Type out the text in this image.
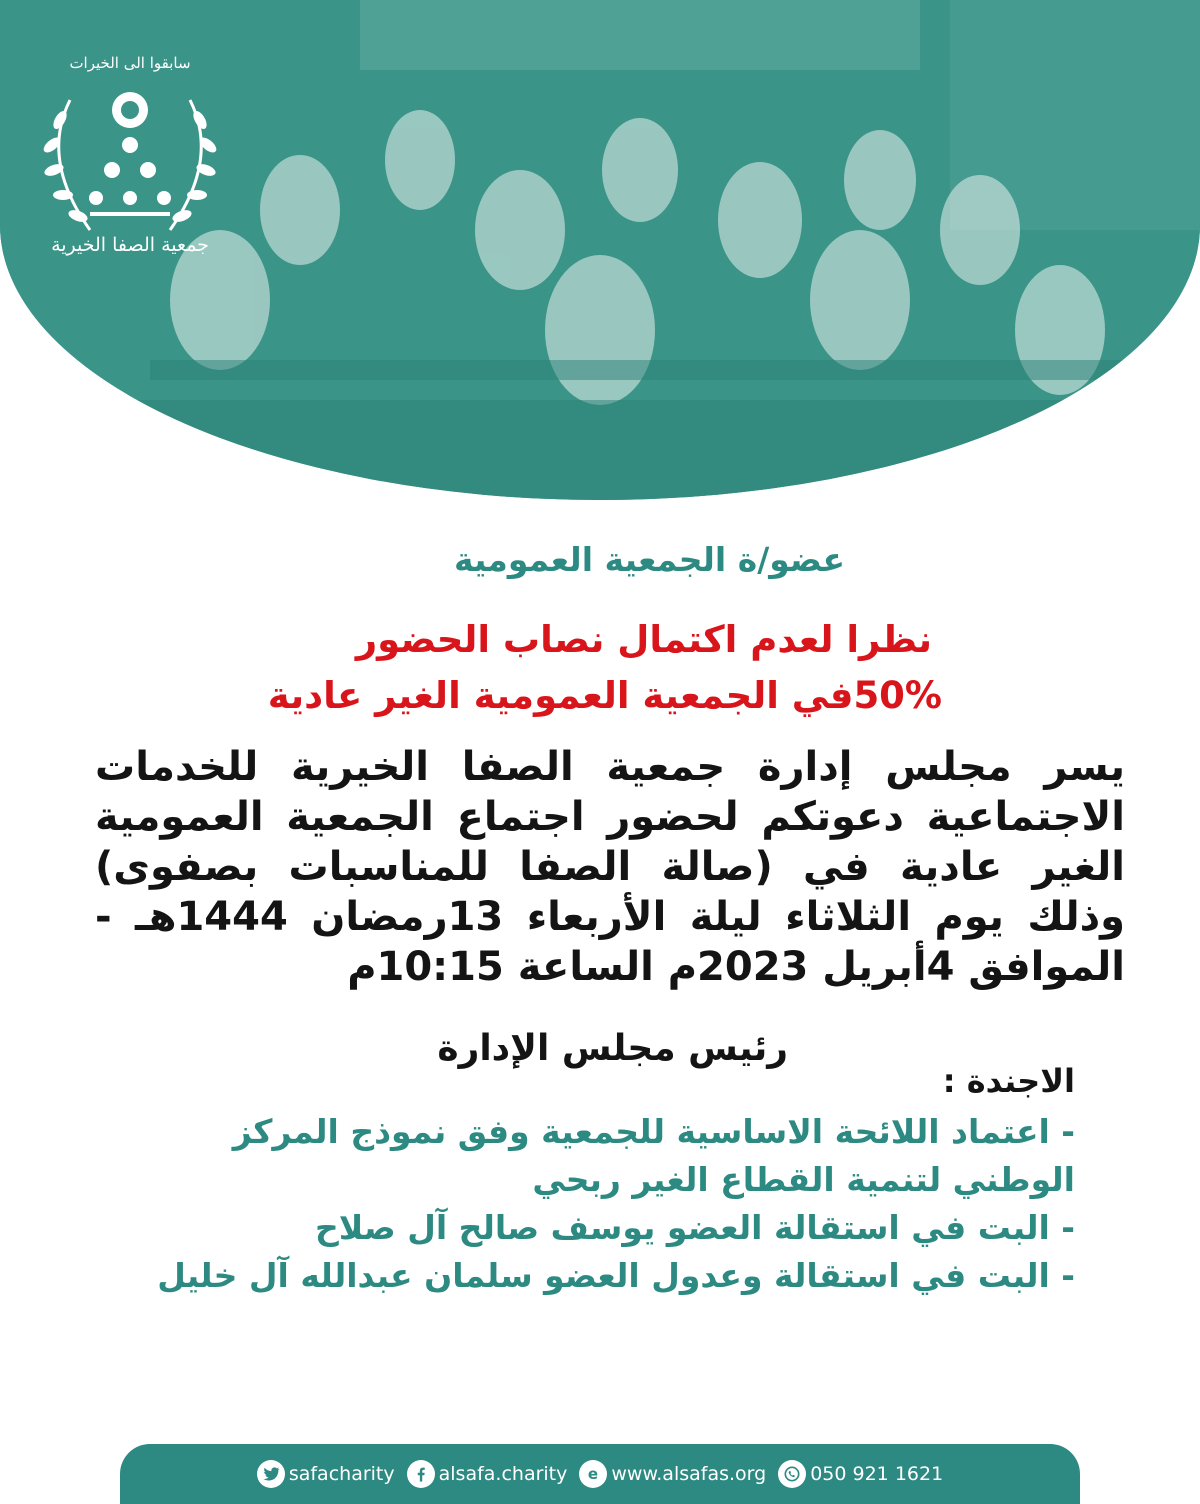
سابقوا الى الخيرات
جمعية الصفا الخيرية
عضو/ة الجمعية العمومية
نظرا لعدم اكتمال نصاب الحضور
50%في الجمعية العمومية الغير عادية
يسر مجلس إدارة جمعية الصفا الخيرية للخدمات الاجتماعية دعوتكم لحضور اجتماع الجمعية العمومية الغير عادية في (صالة الصفا للمناسبات بصفوى) وذلك يوم الثلاثاء ليلة الأربعاء 13رمضان 1444هـ - الموافق 4أبريل 2023م الساعة 10:15م
الاجندة :
- اعتماد اللائحة الاساسية للجمعية وفق نموذج المركز الوطني لتنمية القطاع الغير ربحي
- البت في استقالة العضو يوسف صالح آل صلاح
- البت في استقالة وعدول العضو سلمان عبدالله آل خليل
رئيس مجلس الإدارة
safacharity alsafa.charity e www.alsafas.org 050 921 1621
